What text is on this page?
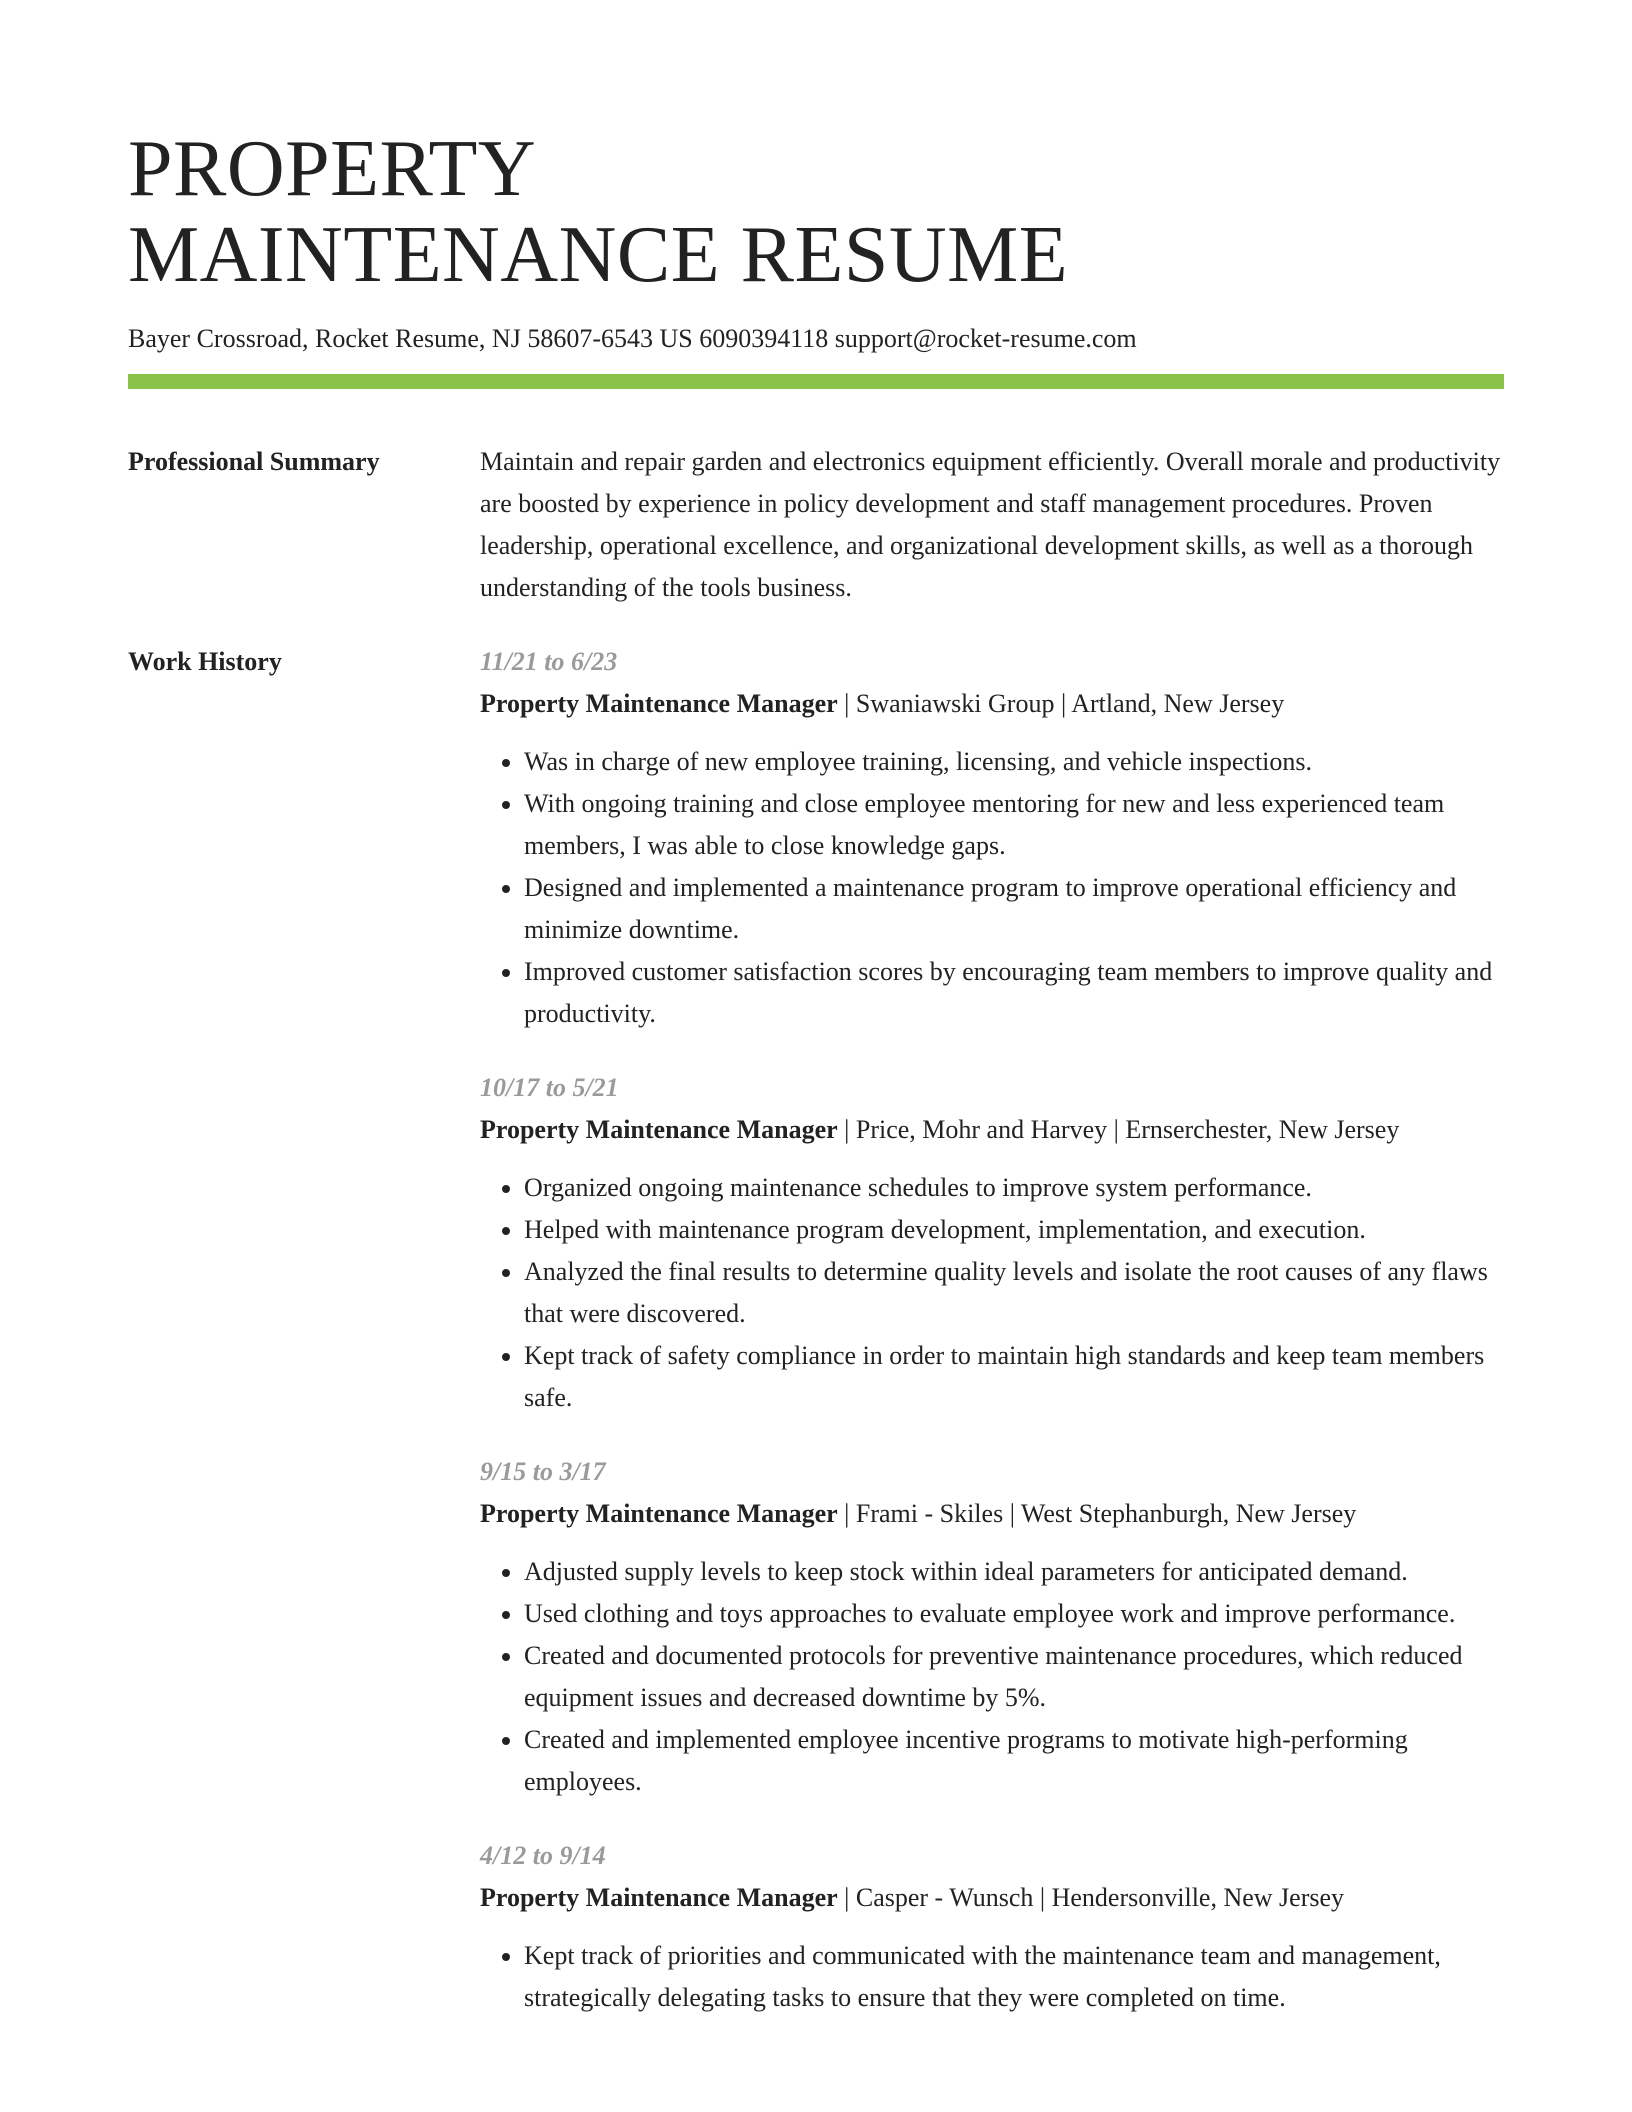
PROPERTY
MAINTENANCE RESUME
Bayer Crossroad, Rocket Resume, NJ 58607-6543 US 6090394118 support@rocket-resume.com
Professional Summary	Maintain and repair garden and electronics equipment efficiently. Overall morale and productivity are boosted by experience in policy development and staff management procedures. Proven leadership, operational excellence, and organizational development skills, as well as a thorough understanding of the tools business.

Work History	11/21 to 6/23
Property Maintenance Manager | Swaniawski Group | Artland, New Jersey
• Was in charge of new employee training, licensing, and vehicle inspections.
• With ongoing training and close employee mentoring for new and less experienced team members, I was able to close knowledge gaps.
• Designed and implemented a maintenance program to improve operational efficiency and minimize downtime.
• Improved customer satisfaction scores by encouraging team members to improve quality and productivity.
10/17 to 5/21
Property Maintenance Manager | Price, Mohr and Harvey | Ernserchester, New Jersey
• Organized ongoing maintenance schedules to improve system performance.
• Helped with maintenance program development, implementation, and execution.
• Analyzed the final results to determine quality levels and isolate the root causes of any flaws that were discovered.
• Kept track of safety compliance in order to maintain high standards and keep team members safe.
9/15 to 3/17
Property Maintenance Manager | Frami - Skiles | West Stephanburgh, New Jersey
• Adjusted supply levels to keep stock within ideal parameters for anticipated demand.
• Used clothing and toys approaches to evaluate employee work and improve performance.
• Created and documented protocols for preventive maintenance procedures, which reduced equipment issues and decreased downtime by 5%.
• Created and implemented employee incentive programs to motivate high-performing employees.
4/12 to 9/14
Property Maintenance Manager | Casper - Wunsch | Hendersonville, New Jersey
• Kept track of priorities and communicated with the maintenance team and management, strategically delegating tasks to ensure that they were completed on time.
